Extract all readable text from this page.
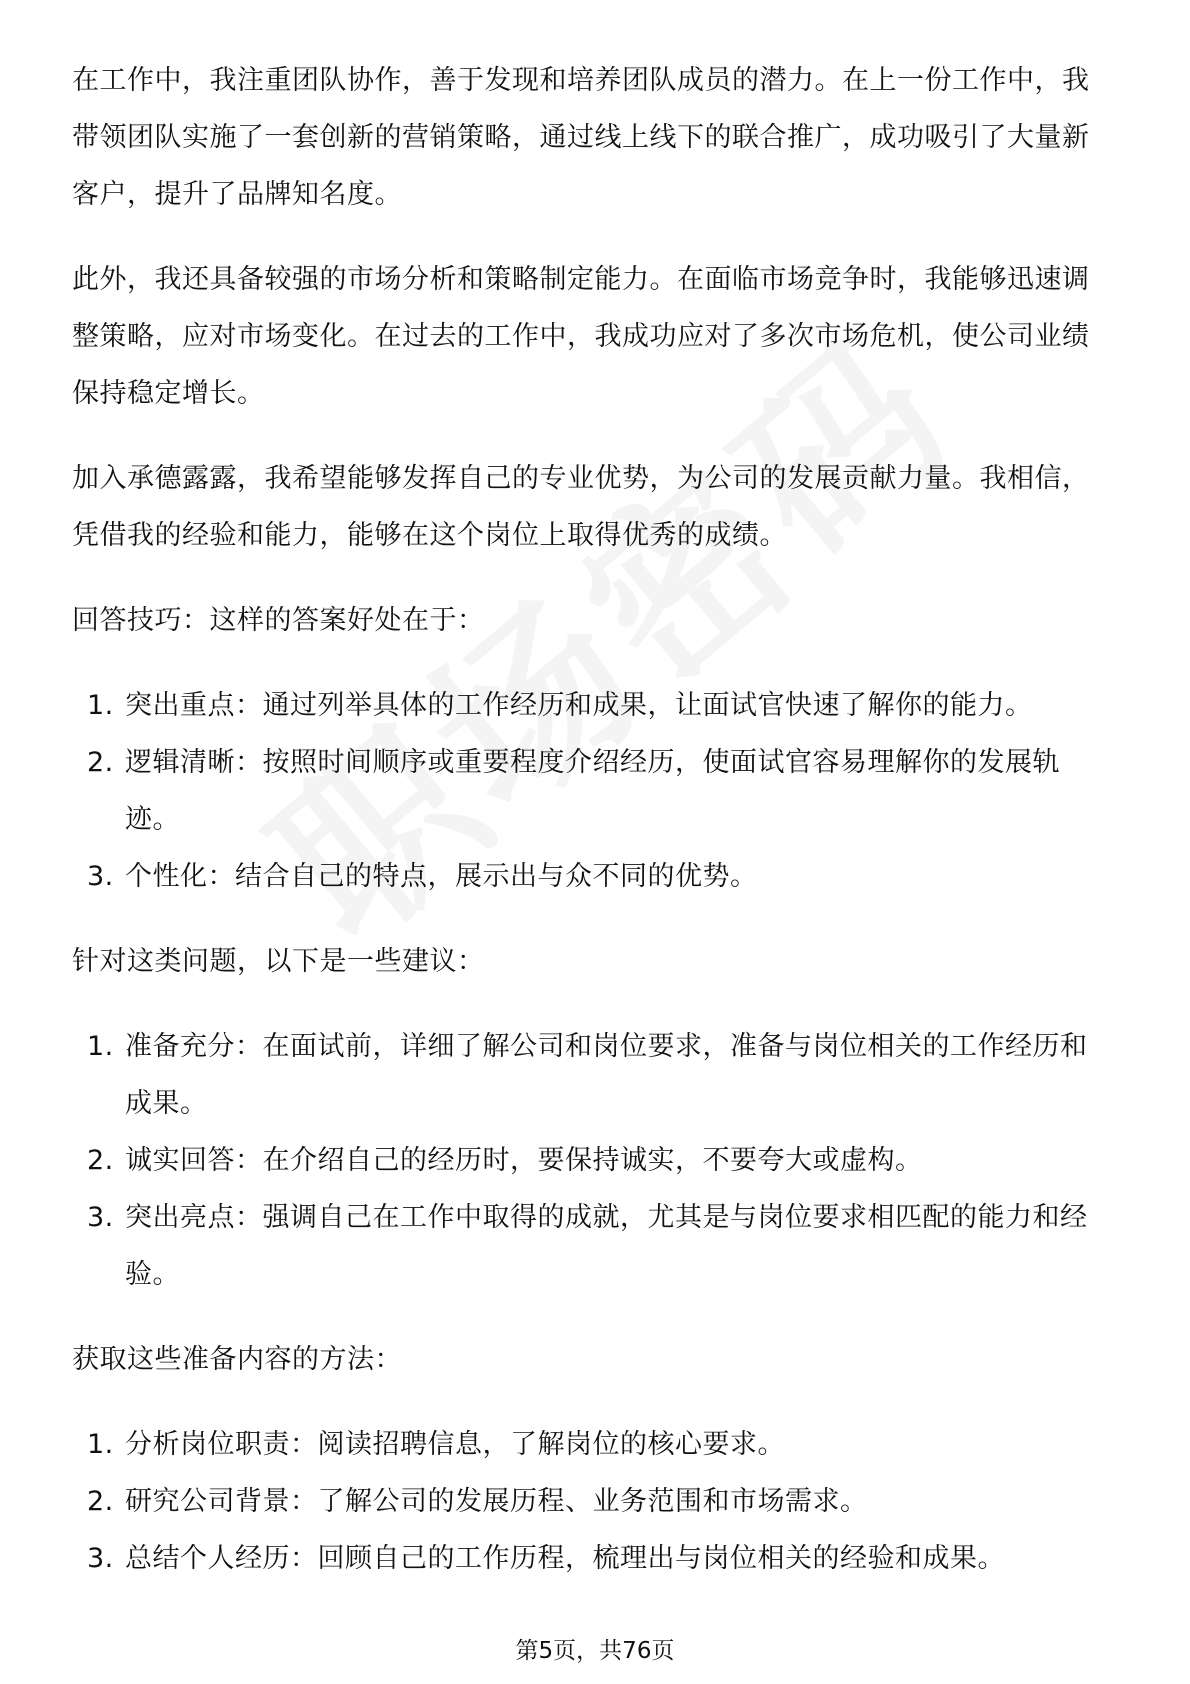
在工作中，我注重团队协作，善于发现和培养团队成员的潜力。在上一份工作中，我带领团队实施了一套创新的营销策略，通过线上线下的联合推广，成功吸引了大量新客户，提升了品牌知名度。

此外，我还具备较强的市场分析和策略制定能力。在面临市场竞争时，我能够迅速调整策略，应对市场变化。在过去的工作中，我成功应对了多次市场危机，使公司业绩保持稳定增长。

加入承德露露，我希望能够发挥自己的专业优势，为公司的发展贡献力量。我相信，凭借我的经验和能力，能够在这个岗位上取得优秀的成绩。

回答技巧：这样的答案好处在于：

1. 突出重点：通过列举具体的工作经历和成果，让面试官快速了解你的能力。
2. 逻辑清晰：按照时间顺序或重要程度介绍经历，使面试官容易理解你的发展轨迹。
3. 个性化：结合自己的特点，展示出与众不同的优势。

针对这类问题，以下是一些建议：

1. 准备充分：在面试前，详细了解公司和岗位要求，准备与岗位相关的工作经历和成果。
2. 诚实回答：在介绍自己的经历时，要保持诚实，不要夸大或虚构。
3. 突出亮点：强调自己在工作中取得的成就，尤其是与岗位要求相匹配的能力和经验。

获取这些准备内容的方法：

1. 分析岗位职责：阅读招聘信息，了解岗位的核心要求。
2. 研究公司背景：了解公司的发展历程、业务范围和市场需求。
3. 总结个人经历：回顾自己的工作历程，梳理出与岗位相关的经验和成果。
第5页，共76页
